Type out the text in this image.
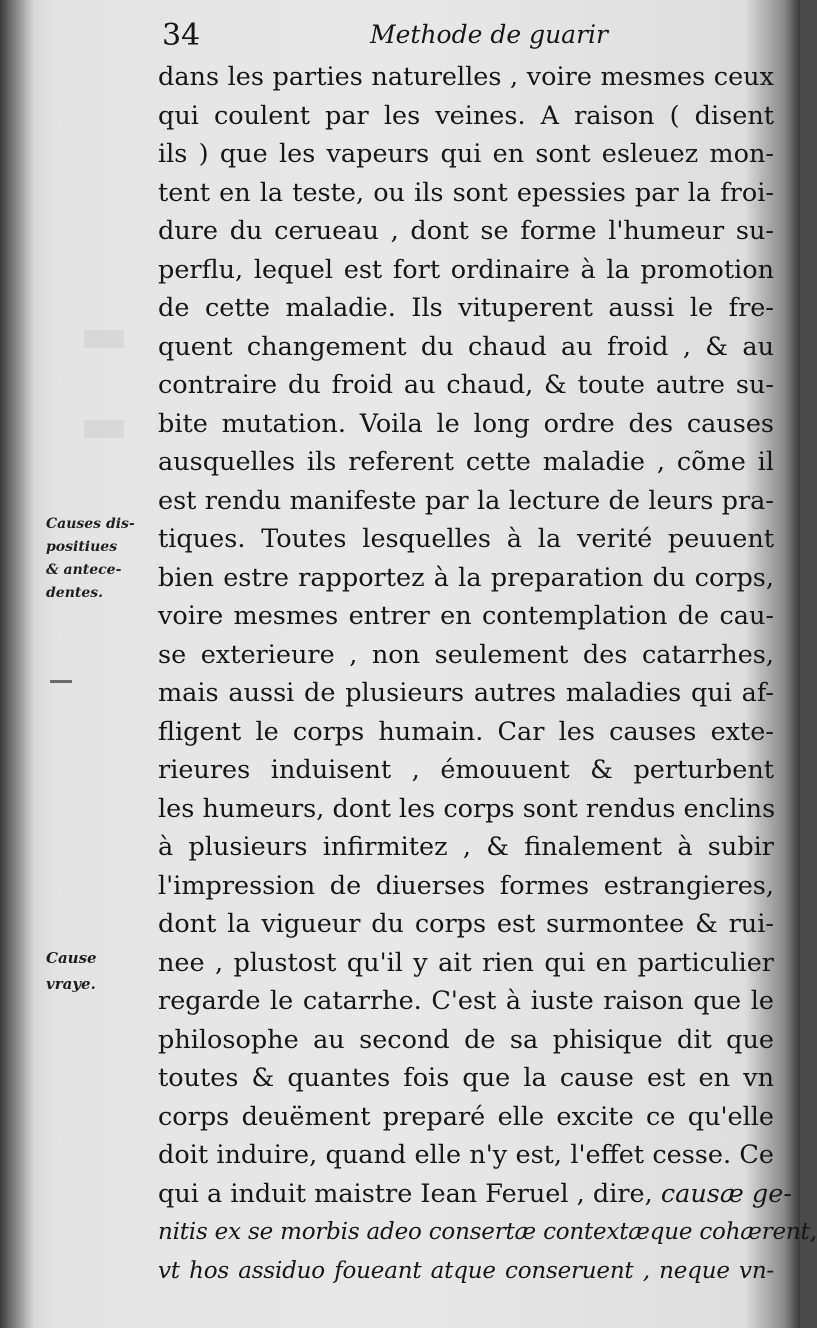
34	Methode de guarir
Causes dis-
positiues
& antece-
dentes.
Cause
vraye.
dans les parties naturelles , voire mesmes ceux
qui coulent par les veines. A raison ( disent
ils ) que les vapeurs qui en sont esleuez mon-
tent en la teste, ou ils sont epessies par la froi-
dure du cerueau , dont se forme l'humeur su-
perflu, lequel est fort ordinaire à la promotion
de cette maladie. Ils vituperent aussi le fre-
quent changement du chaud au froid , & au
contraire du froid au chaud, & toute autre su-
bite mutation. Voila le long ordre des causes
ausquelles ils referent cette maladie , cõme il
est rendu manifeste par la lecture de leurs pra-
tiques. Toutes lesquelles à la verité peuuent
bien estre rapportez à la preparation du corps,
voire mesmes entrer en contemplation de cau-
se exterieure , non seulement des catarrhes,
mais aussi de plusieurs autres maladies qui af-
fligent le corps humain. Car les causes exte-
rieures induisent , émouuent & perturbent
les humeurs, dont les corps sont rendus enclins
à plusieurs infirmitez , & finalement à subir
l'impression de diuerses formes estrangieres,
dont la vigueur du corps est surmontee & rui-
nee , plustost qu'il y ait rien qui en particulier
regarde le catarrhe. C'est à iuste raison que le
philosophe au second de sa phisique dit que
toutes & quantes fois que la cause est en vn
corps deuëment preparé elle excite ce qu'elle
doit induire, quand elle n'y est, l'effet cesse. Ce
qui a induit maistre Iean Feruel , dire, causæ ge-
nitis ex se morbis adeo consertæ contextæque cohærent,
vt hos assiduo foueant atque conseruent , neque vn-
